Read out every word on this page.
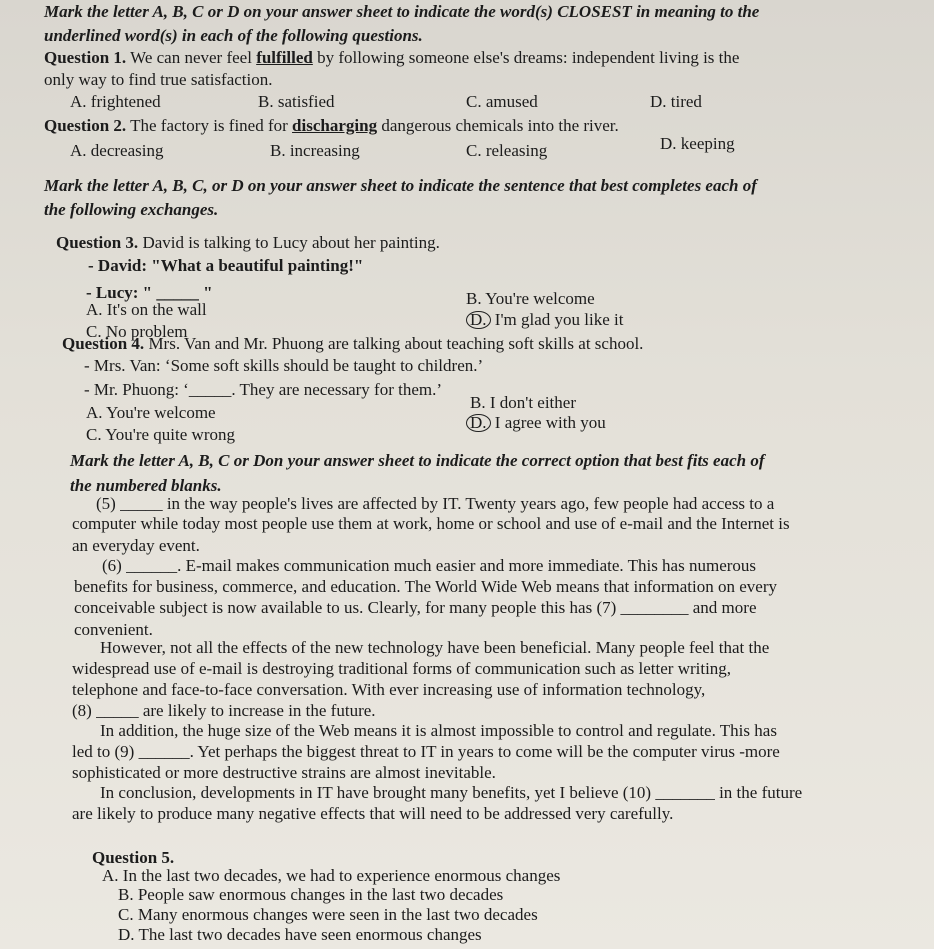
Mark the letter A, B, C or D on your answer sheet to indicate the word(s) CLOSEST in meaning to the
underlined word(s) in each of the following questions.
Question 1. We can never feel fulfilled by following someone else's dreams: independent living is the
only way to find true satisfaction.
A. frightened	B. satisfied	C. amused	D. tired
Question 2. The factory is fined for discharging dangerous chemicals into the river.
A. decreasing	B. increasing	C. releasing	D. keeping
Mark the letter A, B, C, or D on your answer sheet to indicate the sentence that best completes each of
the following exchanges.
Question 3. David is talking to Lucy about her painting.
- David: "What a beautiful painting!"
- Lucy: " _____ "
A. It's on the wall
B. You're welcome
C. No problem
D. I'm glad you like it
Question 4. Mrs. Van and Mr. Phuong are talking about teaching soft skills at school.
- Mrs. Van: ‘Some soft skills should be taught to children.’
- Mr. Phuong: ‘_____. They are necessary for them.’
A. You're welcome
B. I don't either
C. You're quite wrong
D. I agree with you
Mark the letter A, B, C or Don your answer sheet to indicate the correct option that best fits each of
the numbered blanks.
(5) _____ in the way people's lives are affected by IT. Twenty years ago, few people had access to a
computer while today most people use them at work, home or school and use of e-mail and the Internet is
an everyday event.
(6) ______. E-mail makes communication much easier and more immediate. This has numerous
benefits for business, commerce, and education. The World Wide Web means that information on every
conceivable subject is now available to us. Clearly, for many people this has (7) ________ and more
convenient.
However, not all the effects of the new technology have been beneficial. Many people feel that the
widespread use of e-mail is destroying traditional forms of communication such as letter writing,
telephone and face-to-face conversation. With ever increasing use of information technology,
(8) _____ are likely to increase in the future.
In addition, the huge size of the Web means it is almost impossible to control and regulate. This has
led to (9) ______. Yet perhaps the biggest threat to IT in years to come will be the computer virus -more
sophisticated or more destructive strains are almost inevitable.
In conclusion, developments in IT have brought many benefits, yet I believe (10) _______ in the future
are likely to produce many negative effects that will need to be addressed very carefully.
Question 5.
A. In the last two decades, we had to experience enormous changes
B. People saw enormous changes in the last two decades
C. Many enormous changes were seen in the last two decades
D. The last two decades have seen enormous changes
